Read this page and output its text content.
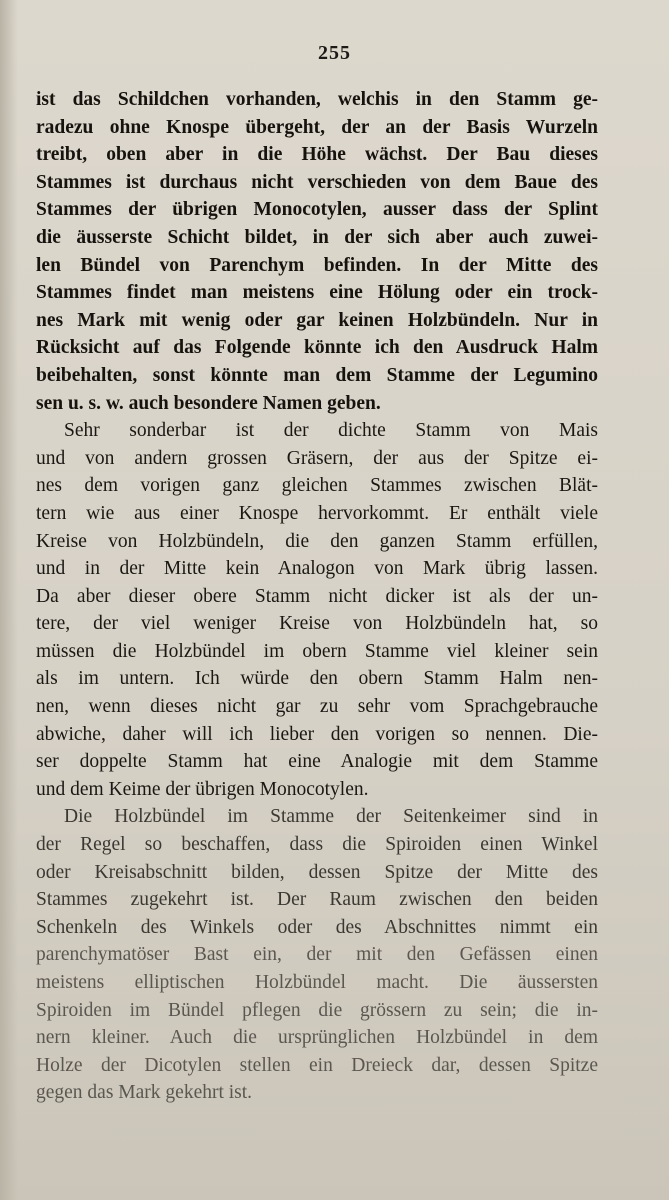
255
ist das Schildchen vorhanden, welchis in den Stamm ge-
radezu ohne Knospe übergeht, der an der Basis Wurzeln
treibt, oben aber in die Höhe wächst. Der Bau dieses
Stammes ist durchaus nicht verschieden von dem Baue des
Stammes der übrigen Monocotylen, ausser dass der Splint
die äusserste Schicht bildet, in der sich aber auch zuwei-
len Bündel von Parenchym befinden. In der Mitte des
Stammes findet man meistens eine Hölung oder ein trock-
nes Mark mit wenig oder gar keinen Holzbündeln. Nur in
Rücksicht auf das Folgende könnte ich den Ausdruck Halm
beibehalten, sonst könnte man dem Stamme der Legumino
sen u. s. w. auch besondere Namen geben.
Sehr sonderbar ist der dichte Stamm von Mais
und von andern grossen Gräsern, der aus der Spitze ei-
nes dem vorigen ganz gleichen Stammes zwischen Blät-
tern wie aus einer Knospe hervorkommt. Er enthält viele
Kreise von Holzbündeln, die den ganzen Stamm erfüllen,
und in der Mitte kein Analogon von Mark übrig lassen.
Da aber dieser obere Stamm nicht dicker ist als der un-
tere, der viel weniger Kreise von Holzbündeln hat, so
müssen die Holzbündel im obern Stamme viel kleiner sein
als im untern. Ich würde den obern Stamm Halm nen-
nen, wenn dieses nicht gar zu sehr vom Sprachgebrauche
abwiche, daher will ich lieber den vorigen so nennen. Die-
ser doppelte Stamm hat eine Analogie mit dem Stamme
und dem Keime der übrigen Monocotylen.
Die Holzbündel im Stamme der Seitenkeimer sind in
der Regel so beschaffen, dass die Spiroiden einen Winkel
oder Kreisabschnitt bilden, dessen Spitze der Mitte des
Stammes zugekehrt ist. Der Raum zwischen den beiden
Schenkeln des Winkels oder des Abschnittes nimmt ein
parenchymatöser Bast ein, der mit den Gefässen einen
meistens elliptischen Holzbündel macht. Die äussersten
Spiroiden im Bündel pflegen die grössern zu sein; die in-
nern kleiner. Auch die ursprünglichen Holzbündel in dem
Holze der Dicotylen stellen ein Dreieck dar, dessen Spitze
gegen das Mark gekehrt ist.
